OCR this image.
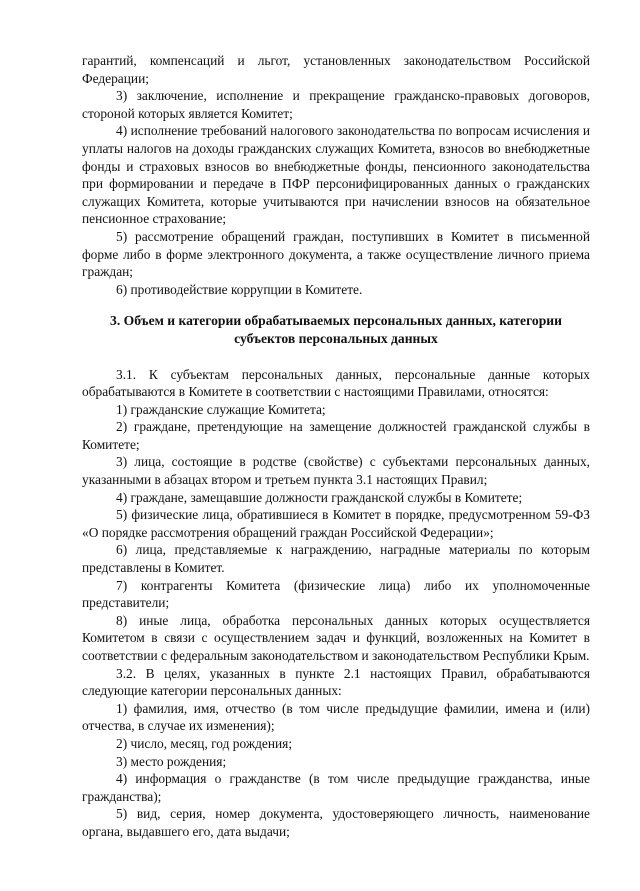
гарантий, компенсаций и льгот, установленных законодательством Российской Федерации;

3) заключение, исполнение и прекращение гражданско-правовых договоров, стороной которых является Комитет;

4) исполнение требований налогового законодательства по вопросам исчисления и уплаты налогов на доходы гражданских служащих Комитета, взносов во внебюджетные фонды и страховых взносов во внебюджетные фонды, пенсионного законодательства при формировании и передаче в ПФР персонифицированных данных о гражданских служащих Комитета, которые учитываются при начислении взносов на обязательное пенсионное страхование;

5) рассмотрение обращений граждан, поступивших в Комитет в письменной форме либо в форме электронного документа, а также осуществление личного приема граждан;

6) противодействие коррупции в Комитете.

3. Объем и категории обрабатываемых персональных данных, категории субъектов персональных данных

3.1. К субъектам персональных данных, персональные данные которых обрабатываются в Комитете в соответствии с настоящими Правилами, относятся:

1) гражданские служащие Комитета;

2) граждане, претендующие на замещение должностей гражданской службы в Комитете;

3) лица, состоящие в родстве (свойстве) с субъектами персональных данных, указанными в абзацах втором и третьем пункта 3.1 настоящих Правил;

4) граждане, замещавшие должности гражданской службы в Комитете;

5) физические лица, обратившиеся в Комитет в порядке, предусмотренном 59-ФЗ «О порядке рассмотрения обращений граждан Российской Федерации»;

6) лица, представляемые к награждению, наградные материалы по которым представлены в Комитет.

7) контрагенты Комитета (физические лица) либо их уполномоченные представители;

8) иные лица, обработка персональных данных которых осуществляется Комитетом в связи с осуществлением задач и функций, возложенных на Комитет в соответствии с федеральным законодательством и законодательством Республики Крым.

3.2. В целях, указанных в пункте 2.1 настоящих Правил, обрабатываются следующие категории персональных данных:

1) фамилия, имя, отчество (в том числе предыдущие фамилии, имена и (или) отчества, в случае их изменения);

2) число, месяц, год рождения;

3) место рождения;

4) информация о гражданстве (в том числе предыдущие гражданства, иные гражданства);

5) вид, серия, номер документа, удостоверяющего личность, наименование органа, выдавшего его, дата выдачи;
